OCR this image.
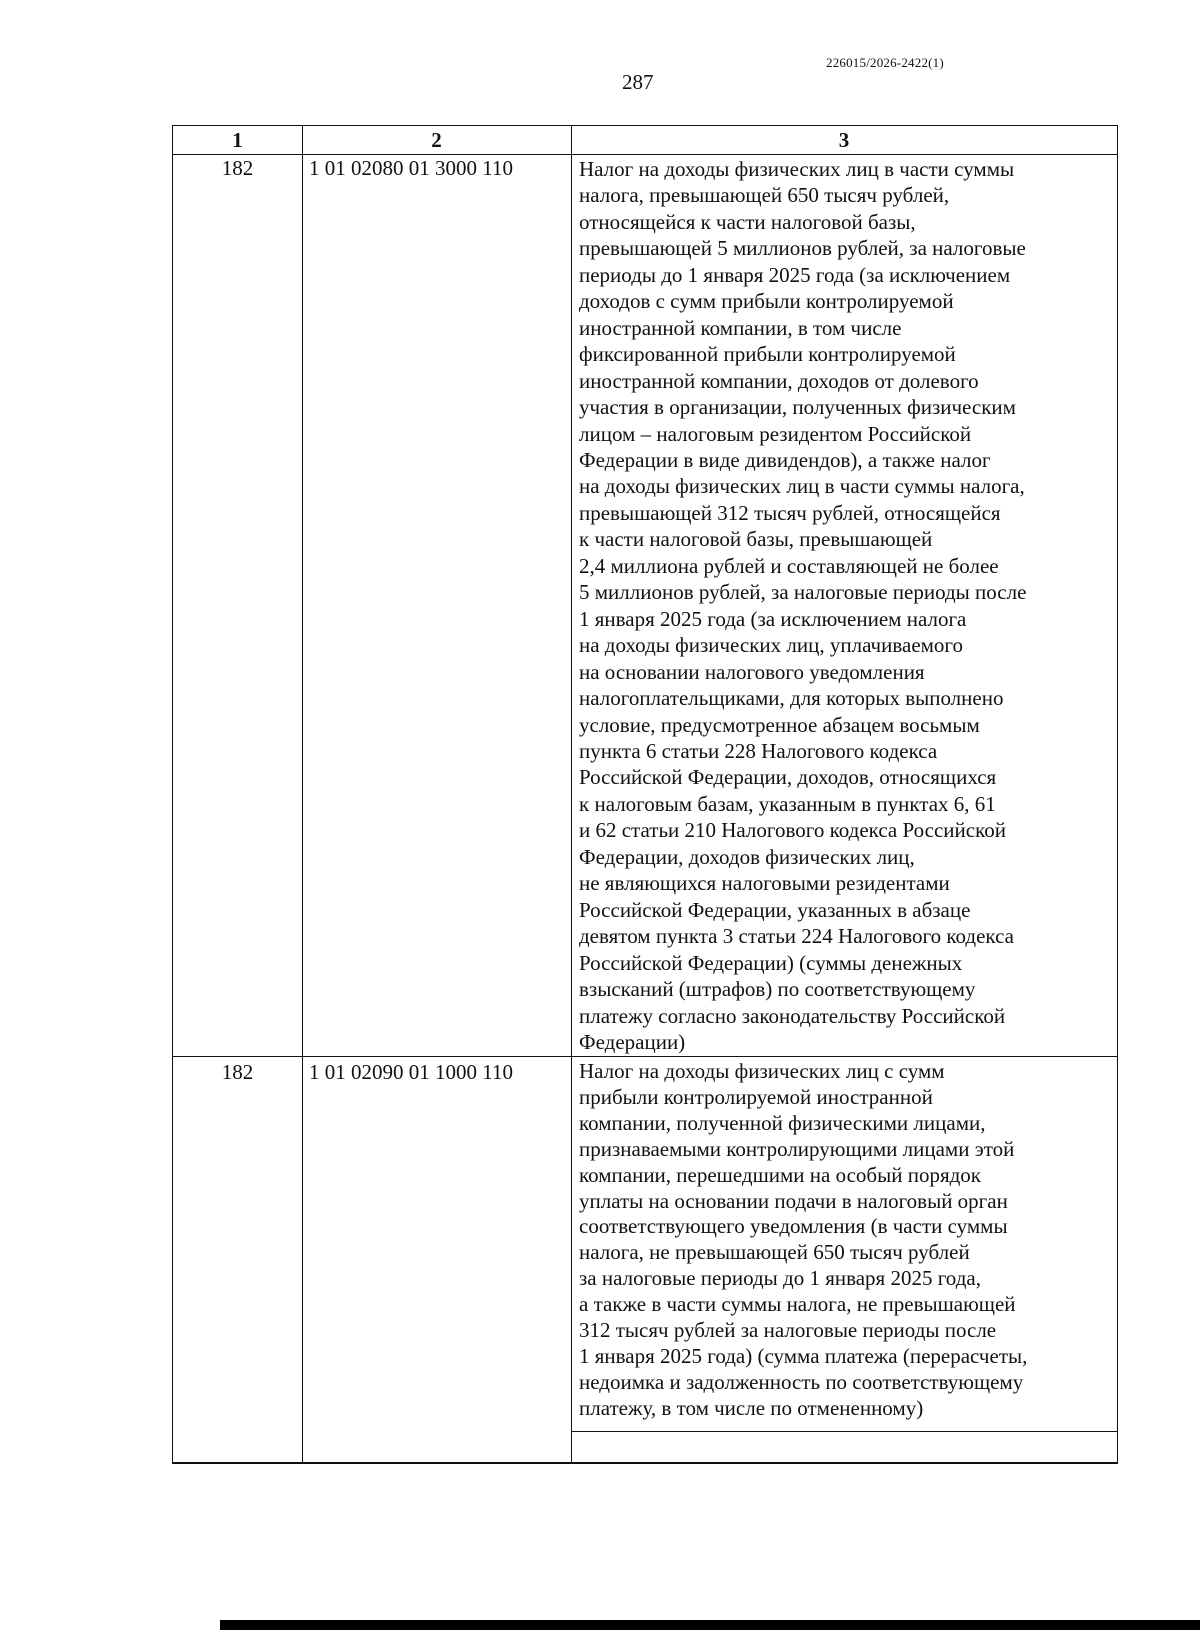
226015/2026-2422(1)
287
1	2	3
182	1 01 02080 01 3000 110	Налог на доходы физических лиц в части суммы
налога, превышающей 650 тысяч рублей,
относящейся к части налоговой базы,
превышающей 5 миллионов рублей, за налоговые
периоды до 1 января 2025 года (за исключением
доходов с сумм прибыли контролируемой
иностранной компании, в том числе
фиксированной прибыли контролируемой
иностранной компании, доходов от долевого
участия в организации, полученных физическим
лицом – налоговым резидентом Российской
Федерации в виде дивидендов), а также налог
на доходы физических лиц в части суммы налога,
превышающей 312 тысяч рублей, относящейся
к части налоговой базы, превышающей
2,4 миллиона рублей и составляющей не более
5 миллионов рублей, за налоговые периоды после
1 января 2025 года (за исключением налога
на доходы физических лиц, уплачиваемого
на основании налогового уведомления
налогоплательщиками, для которых выполнено
условие, предусмотренное абзацем восьмым
пункта 6 статьи 228 Налогового кодекса
Российской Федерации, доходов, относящихся
к налоговым базам, указанным в пунктах 6, 61
и 62 статьи 210 Налогового кодекса Российской
Федерации, доходов физических лиц,
не являющихся налоговыми резидентами
Российской Федерации, указанных в абзаце
девятом пункта 3 статьи 224 Налогового кодекса
Российской Федерации) (суммы денежных
взысканий (штрафов) по соответствующему
платежу согласно законодательству Российской
Федерации)
182	1 01 02090 01 1000 110	Налог на доходы физических лиц с сумм
прибыли контролируемой иностранной
компании, полученной физическими лицами,
признаваемыми контролирующими лицами этой
компании, перешедшими на особый порядок
уплаты на основании подачи в налоговый орган
соответствующего уведомления (в части суммы
налога, не превышающей 650 тысяч рублей
за налоговые периоды до 1 января 2025 года,
а также в части суммы налога, не превышающей
312 тысяч рублей за налоговые периоды после
1 января 2025 года) (сумма платежа (перерасчеты,
недоимка и задолженность по соответствующему
платежу, в том числе по отмененному)
